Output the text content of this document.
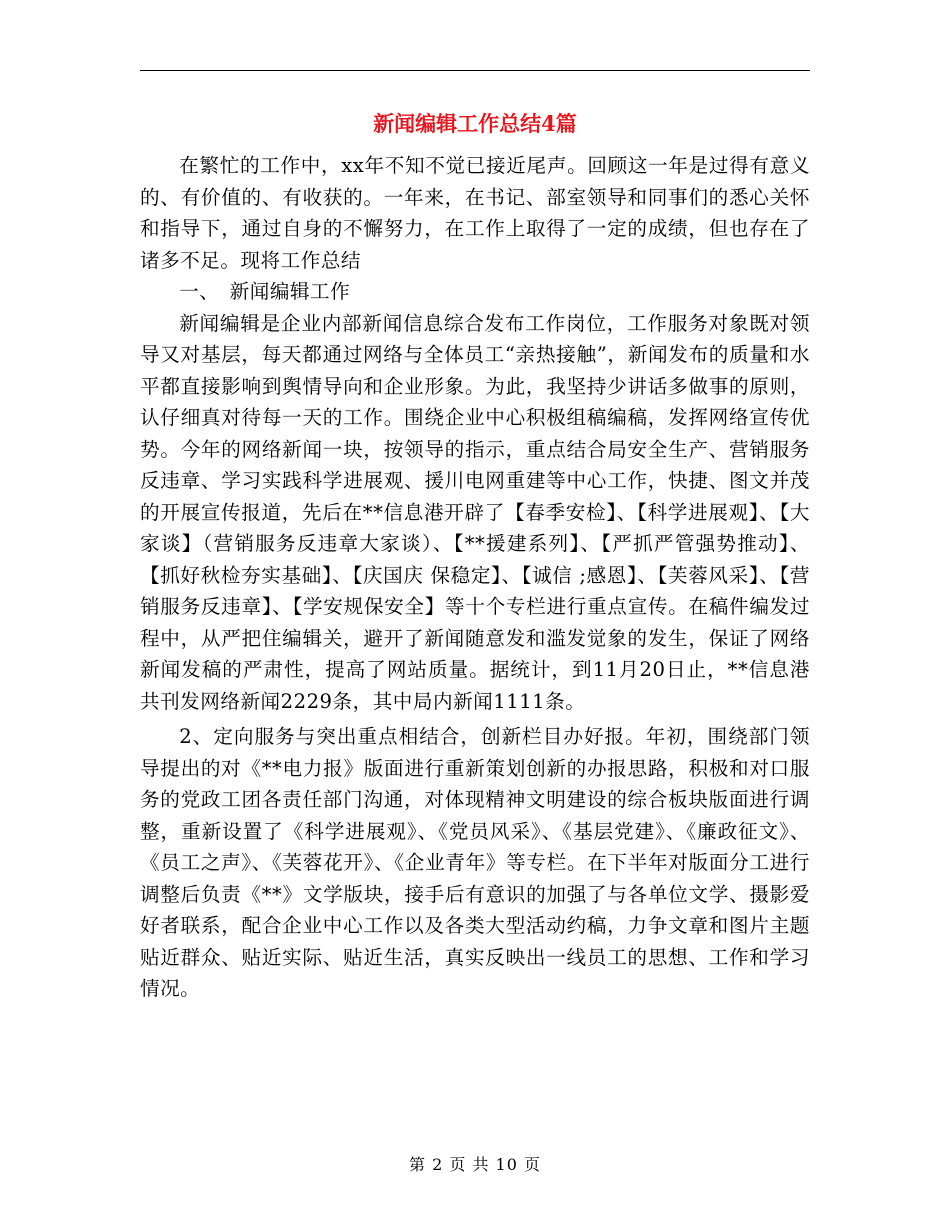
新闻编辑工作总结4篇

在繁忙的工作中，xx年不知不觉已接近尾声。回顾这一年是过得有意义的、有价值的、有收获的。一年来，在书记、部室领导和同事们的悉心关怀和指导下，通过自身的不懈努力，在工作上取得了一定的成绩，但也存在了诸多不足。现将工作总结

一、　新闻编辑工作

新闻编辑是企业内部新闻信息综合发布工作岗位，工作服务对象既对领导又对基层，每天都通过网络与全体员工“亲热接触”，新闻发布的质量和水平都直接影响到舆情导向和企业形象。为此，我坚持少讲话多做事的原则，认仔细真对待每一天的工作。围绕企业中心积极组稿编稿，发挥网络宣传优势。今年的网络新闻一块，按领导的指示，重点结合局安全生产、营销服务反违章、学习实践科学进展观、援川电网重建等中心工作，快捷、图文并茂的开展宣传报道，先后在**信息港开辟了【春季安检】、【科学进展观】、【大家谈】（营销服务反违章大家谈）、【**援建系列】、【严抓严管强势推动】、【抓好秋检夯实基础】、【庆国庆 保稳定】、【诚信 ;感恩】、【芙蓉风采】、【营销服务反违章】、【学安规保安全】等十个专栏进行重点宣传。在稿件编发过程中，从严把住编辑关，避开了新闻随意发和滥发觉象的发生，保证了网络新闻发稿的严肃性，提高了网站质量。据统计，到11月20日止，**信息港共刊发网络新闻2229条，其中局内新闻1111条。

2、定向服务与突出重点相结合，创新栏目办好报。年初，围绕部门领导提出的对《**电力报》版面进行重新策划创新的办报思路，积极和对口服务的党政工团各责任部门沟通，对体现精神文明建设的综合板块版面进行调整，重新设置了《科学进展观》、《党员风采》、《基层党建》、《廉政征文》、《员工之声》、《芙蓉花开》、《企业青年》等专栏。在下半年对版面分工进行调整后负责《**》文学版块，接手后有意识的加强了与各单位文学、摄影爱好者联系，配合企业中心工作以及各类大型活动约稿，力争文章和图片主题贴近群众、贴近实际、贴近生活，真实反映出一线员工的思想、工作和学习情况。

第 2 页 共 10 页
